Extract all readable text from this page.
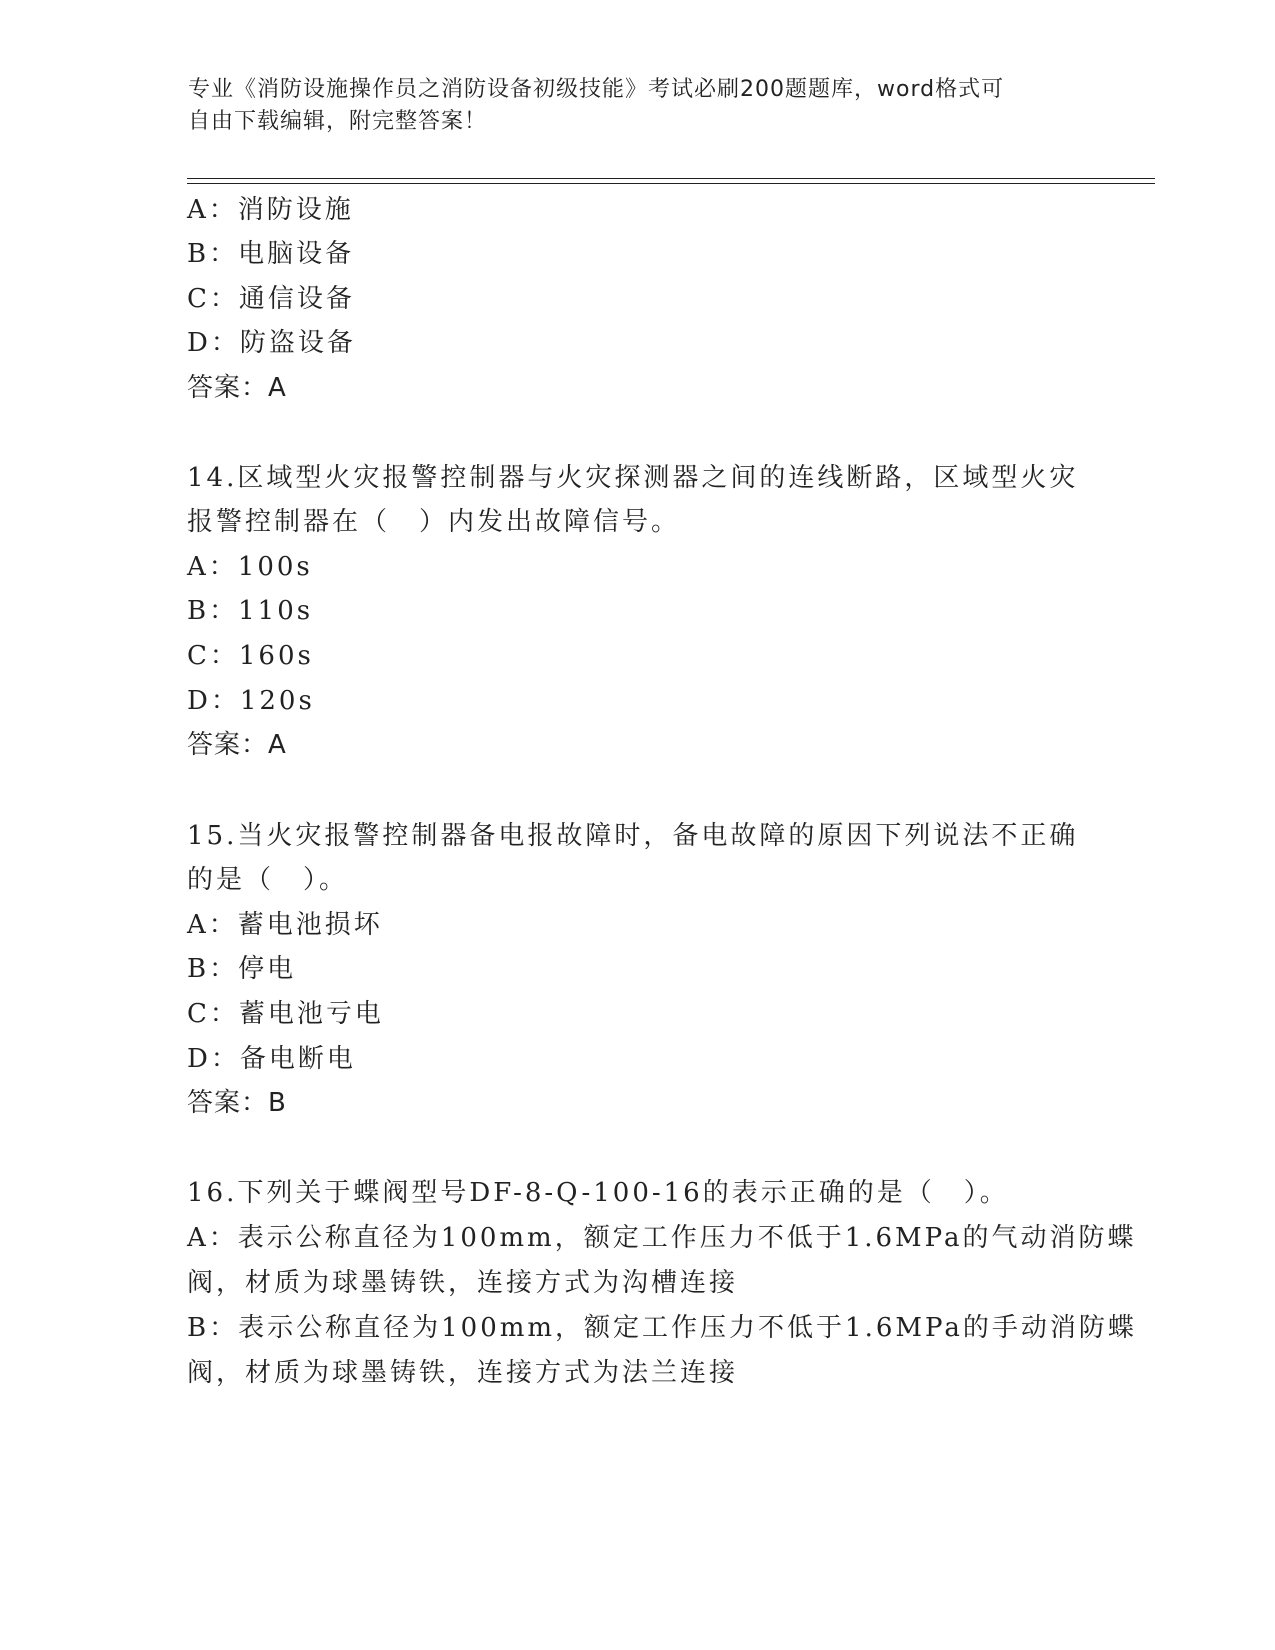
专业《消防设施操作员之消防设备初级技能》考试必刷200题题库，word格式可
自由下载编辑，附完整答案！
A：消防设施
B：电脑设备
C：通信设备
D：防盗设备
答案：A
14.区域型火灾报警控制器与火灾探测器之间的连线断路，区域型火灾
报警控制器在（　）内发出故障信号。
A：100s
B：110s
C：160s
D：120s
答案：A
15.当火灾报警控制器备电报故障时，备电故障的原因下列说法不正确
的是（　）。
A：蓄电池损坏
B：停电
C：蓄电池亏电
D：备电断电
答案：B
16.下列关于蝶阀型号DF-8-Q-100-16的表示正确的是（　）。
A：表示公称直径为100mm，额定工作压力不低于1.6MPa的气动消防蝶
阀，材质为球墨铸铁，连接方式为沟槽连接
B：表示公称直径为100mm，额定工作压力不低于1.6MPa的手动消防蝶
阀，材质为球墨铸铁，连接方式为法兰连接
